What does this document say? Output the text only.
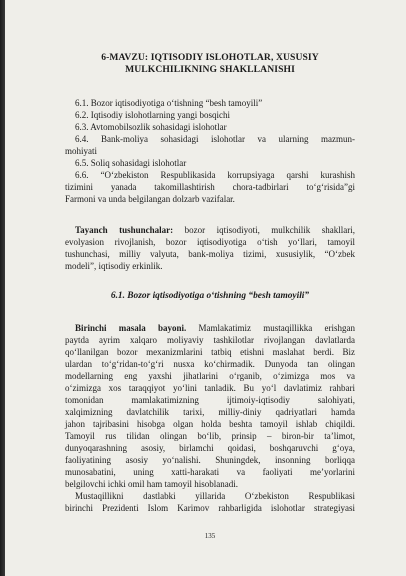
6-MAVZU: IQTISODIY ISLOHOTLAR, XUSUSIY
MULKCHILIKNING SHAKLLANISHI
6.1. Bozor iqtisodiyotiga o‘tishning “besh tamoyili”
6.2. Iqtisodiy islohotlarning yangi bosqichi
6.3. Avtomobilsozlik sohasidagi islohotlar
6.4. Bank-moliya sohasidagi islohotlar va ularning mazmun-
mohiyati
6.5. Soliq sohasidagi islohotlar
6.6. “O‘zbekiston Respublikasida korrupsiyaga qarshi kurashish
tizimini yanada takomillashtirish chora-tadbirlari to‘g‘risida”gi
Farmoni va unda belgilangan dolzarb vazifalar.
Tayanch tushunchalar: bozor iqtisodiyoti, mulkchilik shakllari,
evolyasion rivojlanish, bozor iqtisodiyotiga o‘tish yo‘llari, tamoyil
tushunchasi, milliy valyuta, bank-moliya tizimi, xususiylik, “O‘zbek
modeli”, iqtisodiy erkinlik.
6.1. Bozor iqtisodiyotiga o‘tishning “besh tamoyili”
Birinchi masala bayoni. Mamlakatimiz mustaqillikka erishgan
paytda ayrim xalqaro moliyaviy tashkilotlar rivojlangan davlatlarda
qo‘llanilgan bozor mexanizmlarini tatbiq etishni maslahat berdi. Biz
ulardan to‘g‘ridan-to‘g‘ri nusxa ko‘chirmadik. Dunyoda tan olingan
modellarning eng yaxshi jihatlarini o‘rganib, o‘zimizga mos va
o‘zimizga xos taraqqiyot yo‘lini tanladik. Bu yo‘l davlatimiz rahbari
tomonidan mamlakatimizning ijtimoiy-iqtisodiy salohiyati,
xalqimizning davlatchilik tarixi, milliy-diniy qadriyatlari hamda
jahon tajribasini hisobga olgan holda beshta tamoyil ishlab chiqildi.
Tamoyil rus tilidan olingan bo‘lib, prinsip – biron-bir ta’limot,
dunyoqarashning asosiy, birlamchi qoidasi, boshqaruvchi g‘oya,
faoliyatining asosiy yo‘nalishi. Shuningdek, insonning borliqqa
munosabatini, uning xatti-harakati va faoliyati me’yorlarini
belgilovchi ichki omil ham tamoyil hisoblanadi.
Mustaqillikni dastlabki yillarida O‘zbekiston Respublikasi
birinchi Prezidenti Islom Karimov rahbarligida islohotlar strategiyasi
135
